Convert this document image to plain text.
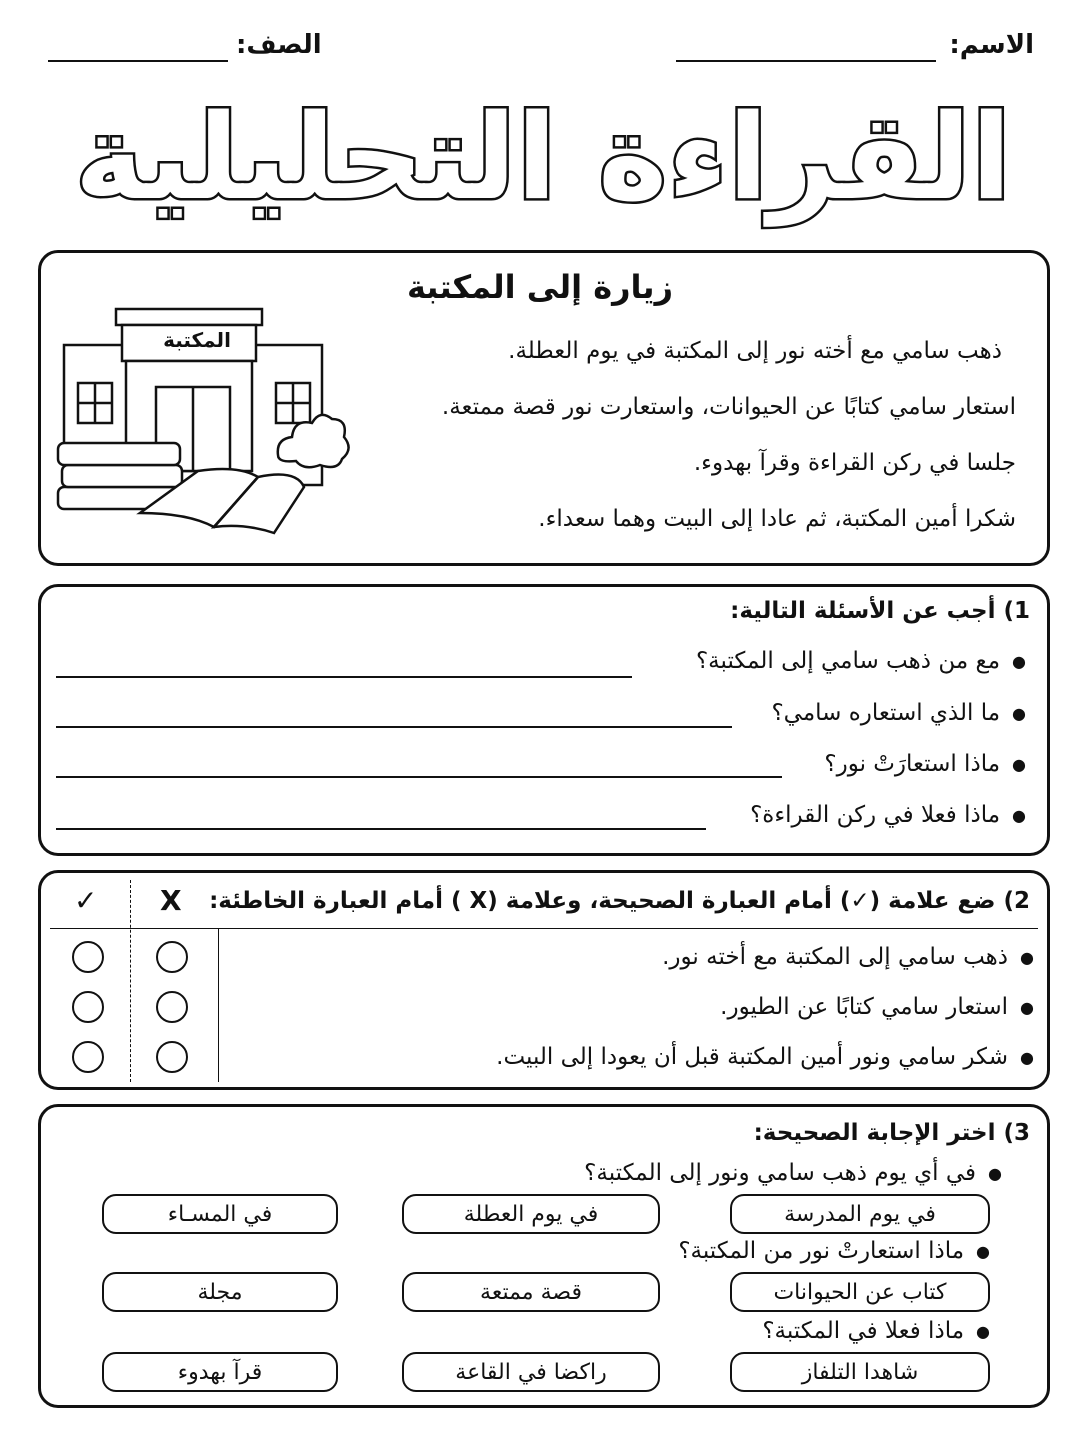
الاسم:
الصف:
القراءة التحليلية
زيارة إلى المكتبة
المكتبة	ذهب سامي مع أخته نور إلى المكتبة في يوم العطلة.
استعار سامي كتابًا عن الحيوانات، واستعارت نور قصة ممتعة.
جلسا في ركن القراءة وقرآ بهدوء.
شكرا أمين المكتبة، ثم عادا إلى البيت وهما سعداء.
1) أجب عن الأسئلة التالية:
●
مع من ذهب سامي إلى المكتبة؟
●
ما الذي استعاره سامي؟
●
ماذا استعارَتْ نور؟
●
ماذا فعلا في ركن القراءة؟
2) ضع علامة (✓) أمام العبارة الصحيحة، وعلامة (X ) أمام العبارة الخاطئة:
X
✓
●
ذهب سامي إلى المكتبة مع أخته نور.
●
استعار سامي كتابًا عن الطيور.
●
شكر سامي ونور أمين المكتبة قبل أن يعودا إلى البيت.
3) اختر الإجابة الصحيحة:
●
في أي يوم ذهب سامي ونور إلى المكتبة؟
في يوم المدرسة
في يوم العطلة
في المسـاء
●
ماذا استعارتْ نور من المكتبة؟
كتاب عن الحيوانات
قصة ممتعة
مجلة
●
ماذا فعلا في المكتبة؟
شاهدا التلفاز
راكضا في القاعة
قرآ بهدوء
